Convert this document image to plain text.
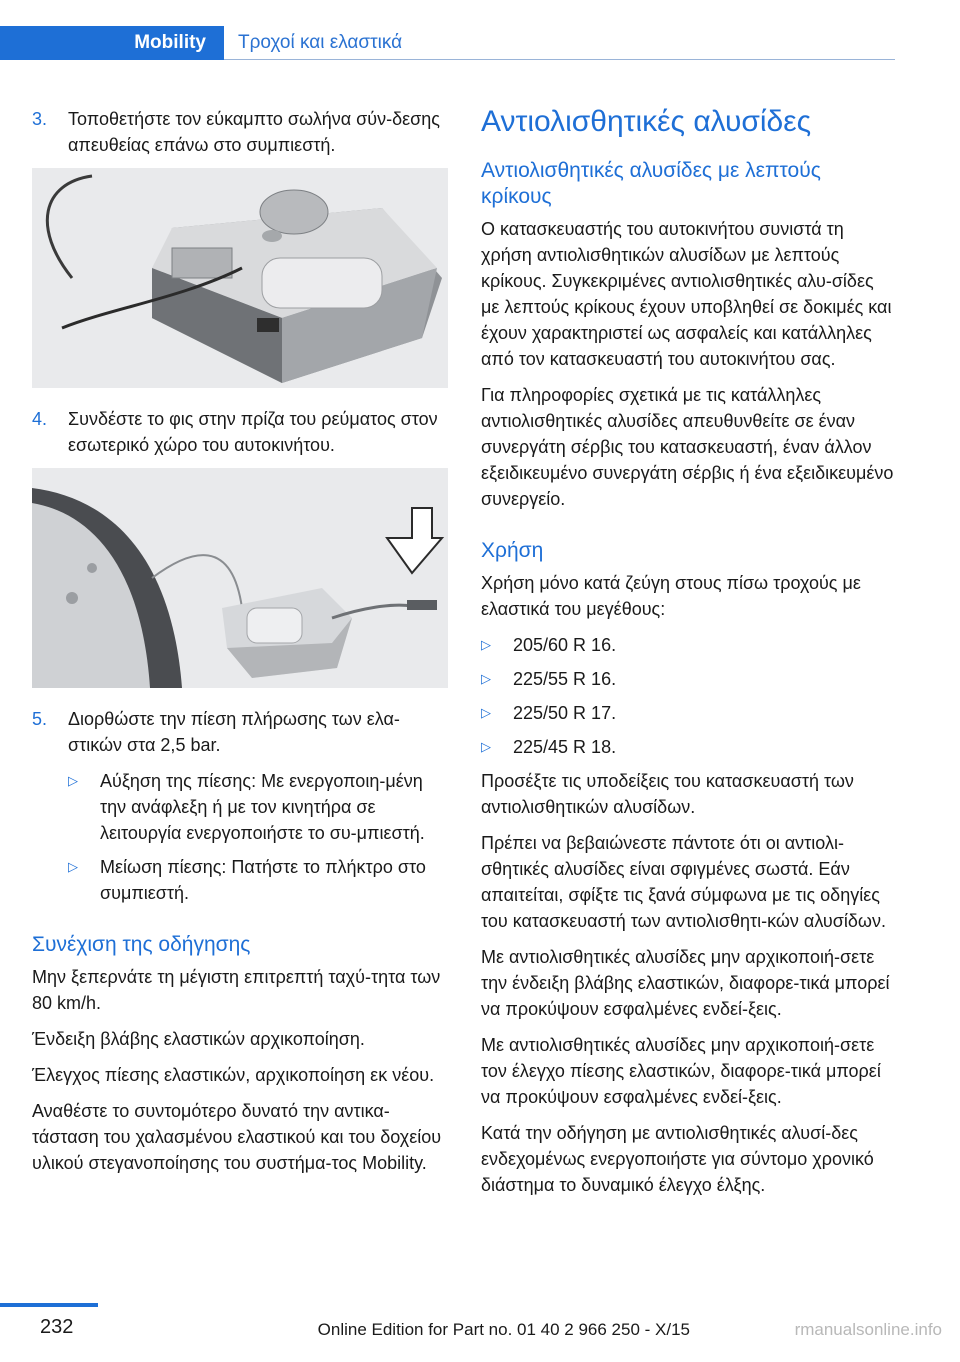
Mobility	Τροχοί και ελαστικά
3. Τοποθετήστε τον εύκαμπτο σωλήνα σύν‐δεσης απευθείας επάνω στο συμπιεστή.
4. Συνδέστε το φις στην πρίζα του ρεύματος στον εσωτερικό χώρο του αυτοκινήτου.
5. Διορθώστε την πίεση πλήρωσης των ελα‐στικών στα 2,5 bar.
▷ Αύξηση της πίεσης: Με ενεργοποιη‐μένη την ανάφλεξη ή με τον κινητήρα σε λειτουργία ενεργοποιήστε το συ‐μπιεστή.
▷ Μείωση πίεσης: Πατήστε το πλήκτρο στο συμπιεστή.
Συνέχιση της οδήγησης

Μην ξεπερνάτε τη μέγιστη επιτρεπτή ταχύ‐τητα των 80 km/h.

Ένδειξη βλάβης ελαστικών αρχικοποίηση.

Έλεγχος πίεσης ελαστικών, αρχικοποίηση εκ νέου.

Αναθέστε το συντομότερο δυνατό την αντικα‐τάσταση του χαλασμένου ελαστικού και του δοχείου υλικού στεγανοποίησης του συστήμα‐τος Mobility.

Αντιολισθητικές αλυσίδες
Αντιολισθητικές αλυσίδες με λεπτούς κρίκους

Ο κατασκευαστής του αυτοκινήτου συνιστά τη χρήση αντιολισθητικών αλυσίδων με λεπτούς κρίκους. Συγκεκριμένες αντιολισθητικές αλυ‐σίδες με λεπτούς κρίκους έχουν υποβληθεί σε δοκιμές και έχουν χαρακτηριστεί ως ασφαλείς και κατάλληλες από τον κατασκευαστή του αυτοκινήτου σας.

Για πληροφορίες σχετικά με τις κατάλληλες αντιολισθητικές αλυσίδες απευθυνθείτε σε έναν συνεργάτη σέρβις του κατασκευαστή, έναν άλλον εξειδικευμένο συνεργάτη σέρβις ή ένα εξειδικευμένο συνεργείο.

Χρήση

Χρήση μόνο κατά ζεύγη στους πίσω τροχούς με ελαστικά του μεγέθους:

▷ 205/60 R 16.
▷ 225/55 R 16.
▷ 225/50 R 17.
▷ 225/45 R 18.

Προσέξτε τις υποδείξεις του κατασκευαστή των αντιολισθητικών αλυσίδων.

Πρέπει να βεβαιώνεστε πάντοτε ότι οι αντιολι‐σθητικές αλυσίδες είναι σφιγμένες σωστά. Εάν απαιτείται, σφίξτε τις ξανά σύμφωνα με τις οδηγίες του κατασκευαστή των αντιολισθητι‐κών αλυσίδων.

Με αντιολισθητικές αλυσίδες μην αρχικοποιή‐σετε την ένδειξη βλάβης ελαστικών, διαφορε‐τικά μπορεί να προκύψουν εσφαλμένες ενδεί‐ξεις.

Με αντιολισθητικές αλυσίδες μην αρχικοποιή‐σετε τον έλεγχο πίεσης ελαστικών, διαφορε‐τικά μπορεί να προκύψουν εσφαλμένες ενδεί‐ξεις.

Κατά την οδήγηση με αντιολισθητικές αλυσί‐δες ενδεχομένως ενεργοποιήστε για σύντομο χρονικό διάστημα το δυναμικό έλεγχο έλξης.

232	Online Edition for Part no. 01 40 2 966 250 - X/15	rmanualsonline.info
